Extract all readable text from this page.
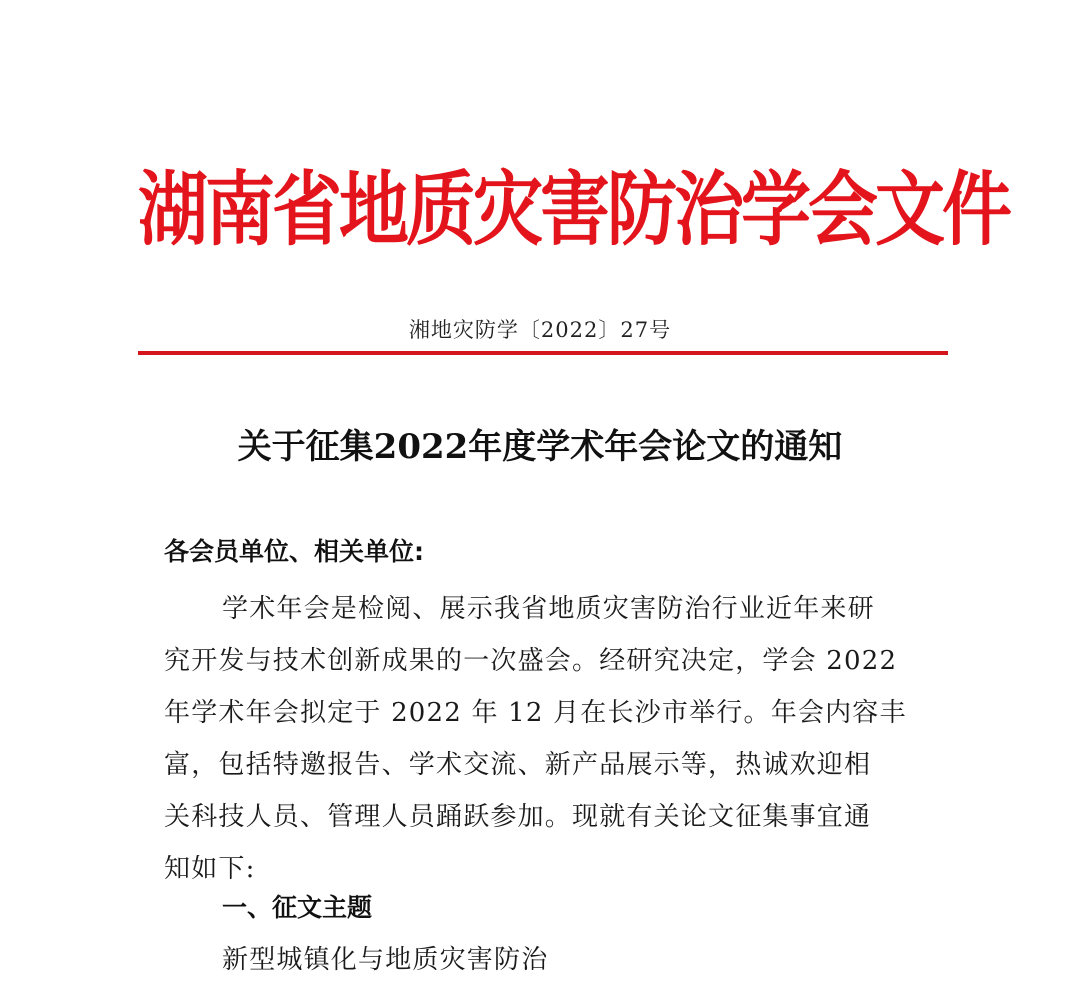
湖南省地质灾害防治学会文件
湘地灾防学〔2022〕27号
关于征集2022年度学术年会论文的通知
各会员单位、相关单位:
学术年会是检阅、展示我省地质灾害防治行业近年来研
究开发与技术创新成果的一次盛会。经研究决定，学会 2022
年学术年会拟定于 2022 年 12 月在长沙市举行。年会内容丰
富，包括特邀报告、学术交流、新产品展示等，热诚欢迎相
关科技人员、管理人员踊跃参加。现就有关论文征集事宜通
知如下:
一、征文主题
新型城镇化与地质灾害防治
